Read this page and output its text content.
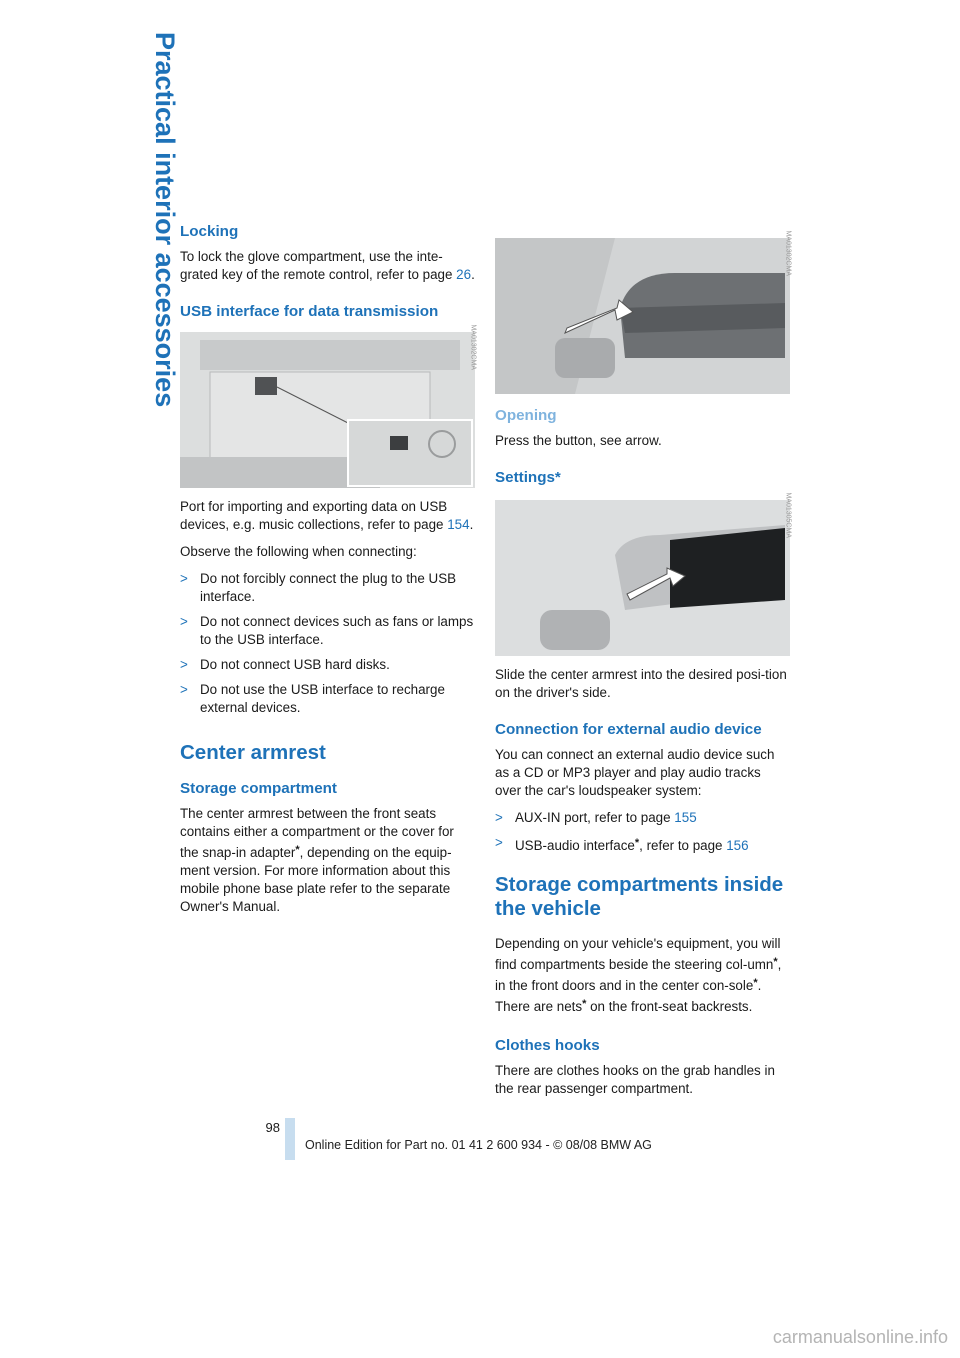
Practical interior accessories Locking

To lock the glove compartment, use the inte-grated key of the remote control, refer to page 26.

USB interface for data transmission
MA01302CMA

Port for importing and exporting data on USB devices, e.g. music collections, refer to page 154.

Observe the following when connecting:

> Do not forcibly connect the plug to the USB interface.
> Do not connect devices such as fans or lamps to the USB interface.
> Do not connect USB hard disks.
> Do not use the USB interface to recharge external devices.
Center armrest
Storage compartment

The center armrest between the front seats contains either a compartment or the cover for the snap-in adapter*, depending on the equip-ment version. For more information about this mobile phone base plate refer to the separate Owner's Manual.

MA01302CMA
Opening

Press the button, see arrow.

Settings*
MA01305CMA

Slide the center armrest into the desired posi-tion on the driver's side.

Connection for external audio device

You can connect an external audio device such as a CD or MP3 player and play audio tracks over the car's loudspeaker system:

> AUX-IN port, refer to page 155
> USB-audio interface*, refer to page 156
Storage compartments inside the vehicle

Depending on your vehicle's equipment, you will find compartments beside the steering col-umn*, in the front doors and in the center con-sole*.
There are nets* on the front-seat backrests.

Clothes hooks

There are clothes hooks on the grab handles in the rear passenger compartment.

98
Online Edition for Part no. 01 41 2 600 934 - © 08/08 BMW AG
carmanualsonline.info
